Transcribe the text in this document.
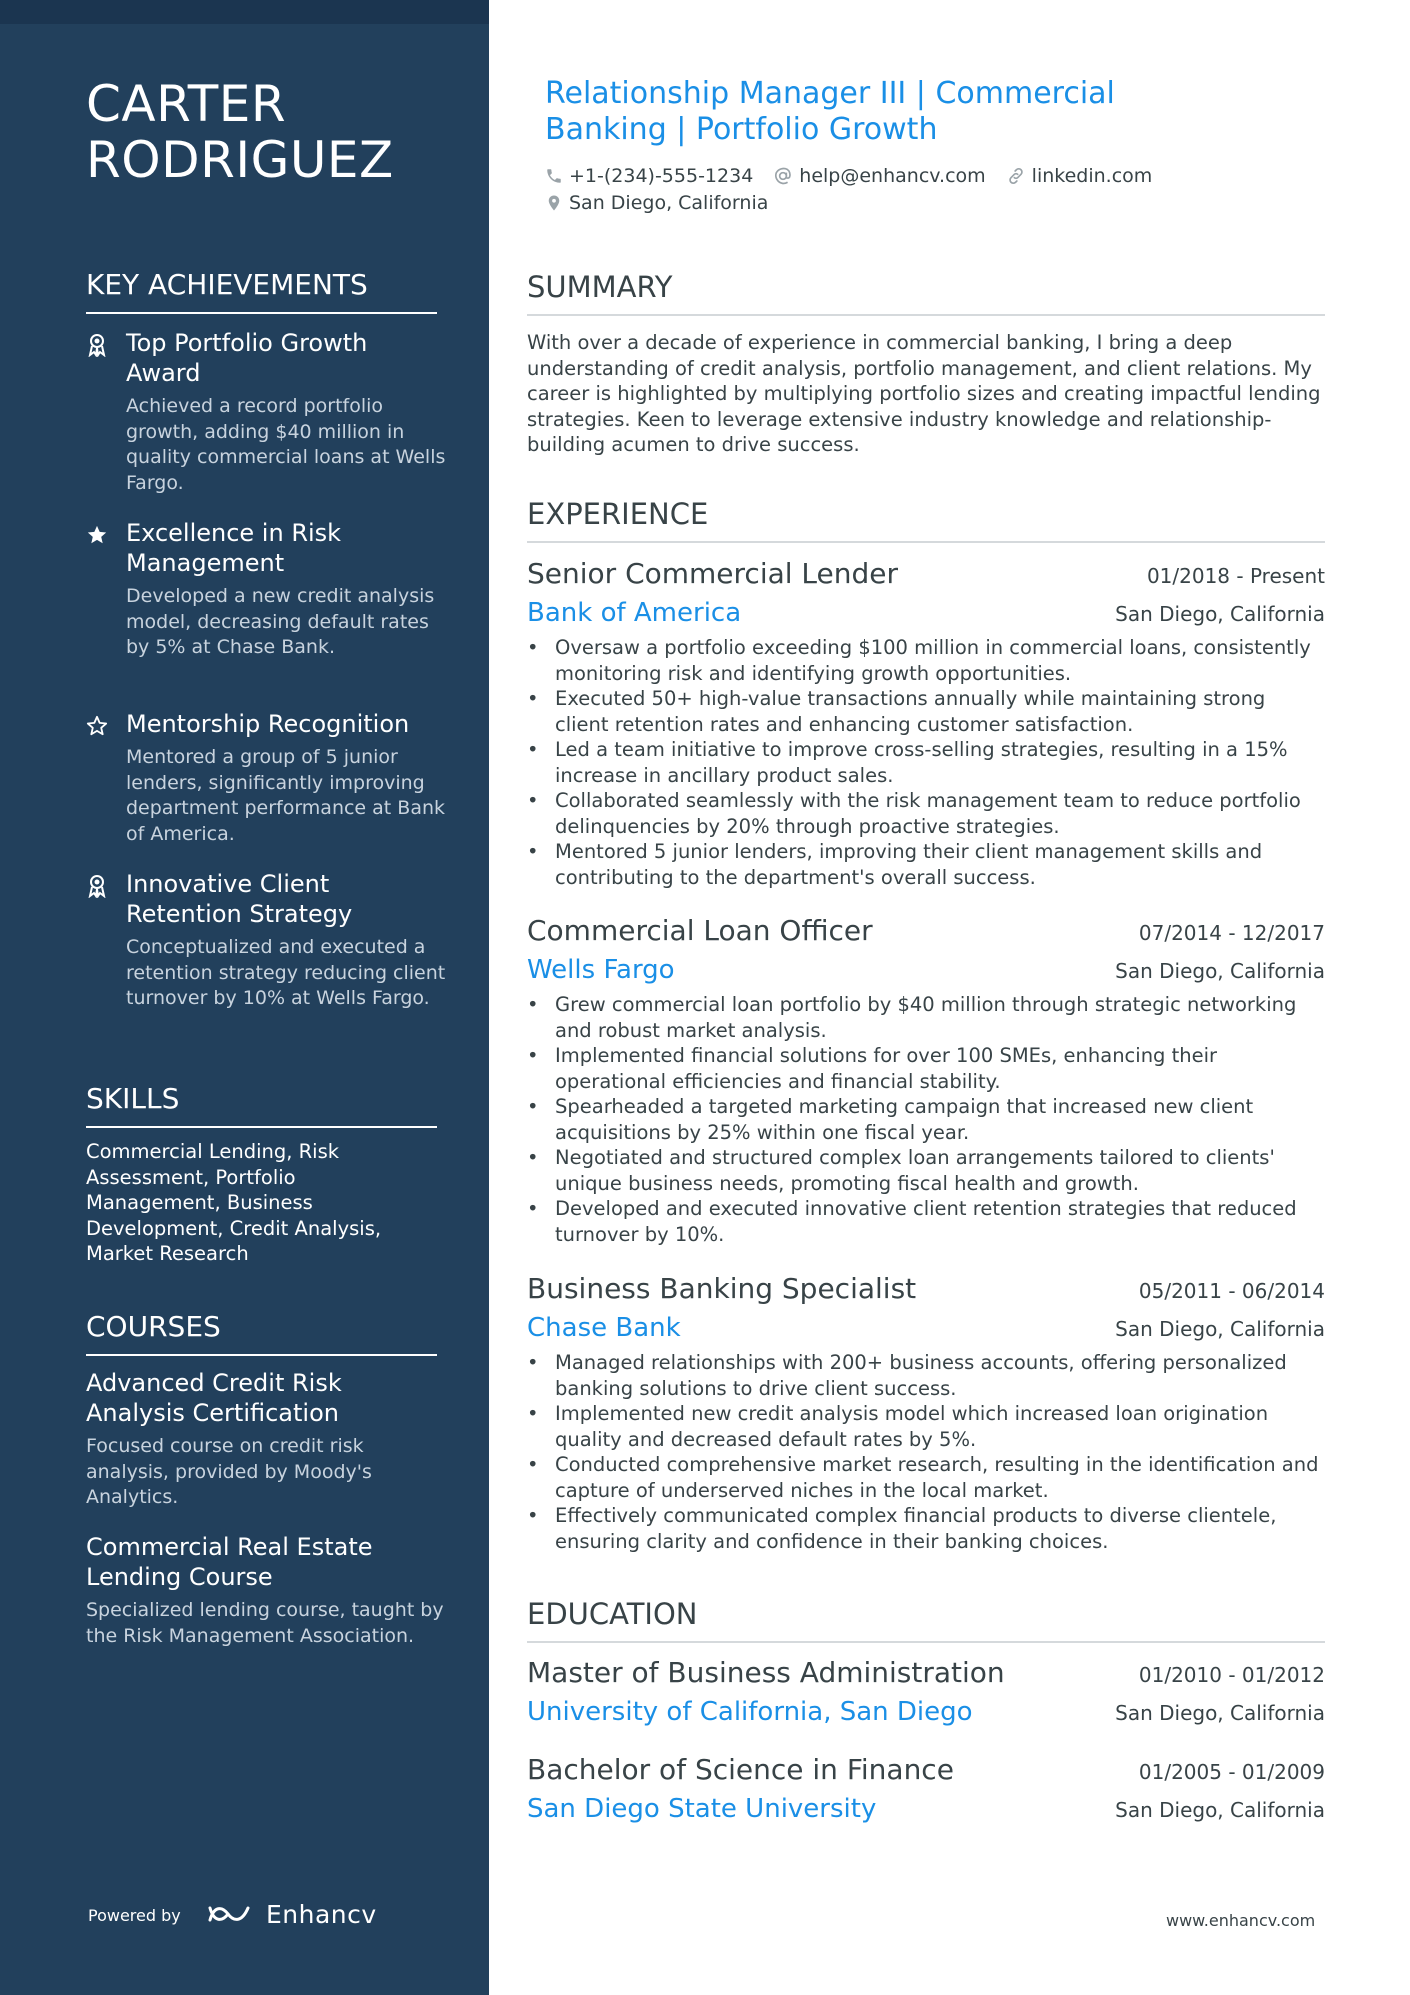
CARTER RODRIGUEZ
KEY ACHIEVEMENTS
Top Portfolio Growth Award
Achieved a record portfolio growth, adding $40 million in quality commercial loans at Wells Fargo.
Excellence in Risk Management
Developed a new credit analysis model, decreasing default rates by 5% at Chase Bank.
Mentorship Recognition
Mentored a group of 5 junior lenders, significantly improving department performance at Bank of America.
Innovative Client Retention Strategy
Conceptualized and executed a retention strategy reducing client turnover by 10% at Wells Fargo.
SKILLS
Commercial Lending, Risk Assessment, Portfolio Management, Business Development, Credit Analysis, Market Research
COURSES
Advanced Credit Risk Analysis Certification
Focused course on credit risk analysis, provided by Moody's Analytics.
Commercial Real Estate Lending Course
Specialized lending course, taught by the Risk Management Association.
Powered by	Enhancv
Relationship Manager III | Commercial Banking | Portfolio Growth
+1-(234)-555-1234 help@enhancv.com linkedin.com
San Diego, California
SUMMARY
With over a decade of experience in commercial banking, I bring a deep understanding of credit analysis, portfolio management, and client relations. My career is highlighted by multiplying portfolio sizes and creating impactful lending strategies. Keen to leverage extensive industry knowledge and relationship-building acumen to drive success.
EXPERIENCE
Senior Commercial Lender	01/2018 - Present
Bank of America	San Diego, California
• Oversaw a portfolio exceeding $100 million in commercial loans, consistently monitoring risk and identifying growth opportunities.
• Executed 50+ high-value transactions annually while maintaining strong client retention rates and enhancing customer satisfaction.
• Led a team initiative to improve cross-selling strategies, resulting in a 15% increase in ancillary product sales.
• Collaborated seamlessly with the risk management team to reduce portfolio delinquencies by 20% through proactive strategies.
• Mentored 5 junior lenders, improving their client management skills and contributing to the department's overall success.
Commercial Loan Officer	07/2014 - 12/2017
Wells Fargo	San Diego, California
• Grew commercial loan portfolio by $40 million through strategic networking and robust market analysis.
• Implemented financial solutions for over 100 SMEs, enhancing their operational efficiencies and financial stability.
• Spearheaded a targeted marketing campaign that increased new client acquisitions by 25% within one fiscal year.
• Negotiated and structured complex loan arrangements tailored to clients' unique business needs, promoting fiscal health and growth.
• Developed and executed innovative client retention strategies that reduced turnover by 10%.
Business Banking Specialist	05/2011 - 06/2014
Chase Bank	San Diego, California
• Managed relationships with 200+ business accounts, offering personalized banking solutions to drive client success.
• Implemented new credit analysis model which increased loan origination quality and decreased default rates by 5%.
• Conducted comprehensive market research, resulting in the identification and capture of underserved niches in the local market.
• Effectively communicated complex financial products to diverse clientele, ensuring clarity and confidence in their banking choices.
EDUCATION
Master of Business Administration	01/2010 - 01/2012
University of California, San Diego	San Diego, California
Bachelor of Science in Finance	01/2005 - 01/2009
San Diego State University	San Diego, California
www.enhancv.com
